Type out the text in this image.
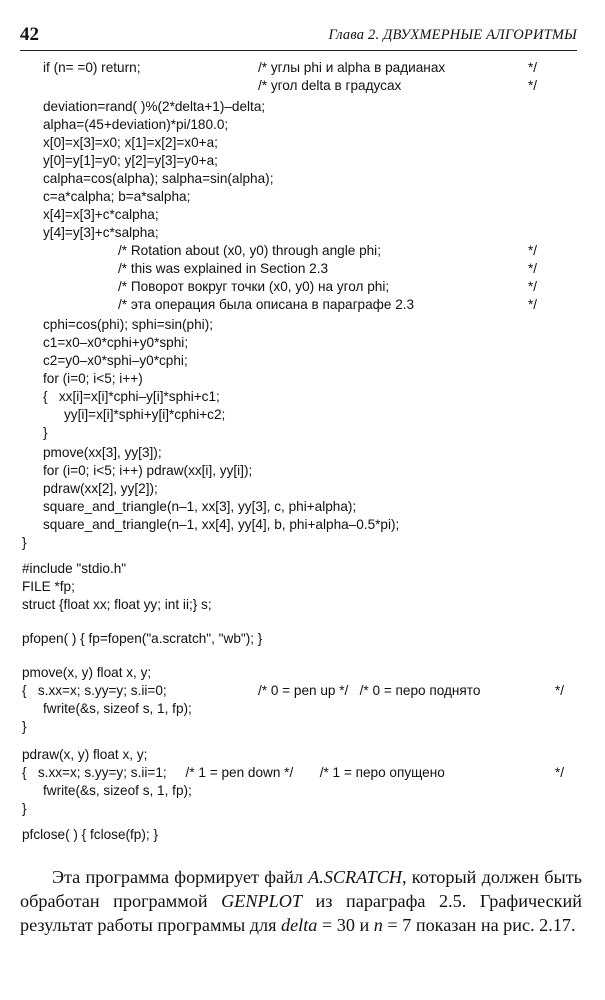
42	Глава 2. ДВУХМЕРНЫЕ АЛГОРИТМЫ
if (n= =0) return;	/* углы phi и alpha в радианах	*/
/* угол delta в градусах	*/
deviation=rand( )%(2*delta+1)–delta;
alpha=(45+deviation)*pi/180.0;
x[0]=x[3]=x0; x[1]=x[2]=x0+a;
y[0]=y[1]=y0; y[2]=y[3]=y0+a;
calpha=cos(alpha); salpha=sin(alpha);
c=a*calpha; b=a*salpha;
x[4]=x[3]+c*calpha;
y[4]=y[3]+c*salpha;
/* Rotation about (x0, y0) through angle phi;	*/
/* this was explained in Section 2.3	*/
/* Поворот вокруг точки (x0, y0) на угол phi;	*/
/* эта операция была описана в параграфе 2.3	*/
cphi=cos(phi); sphi=sin(phi);
c1=x0–x0*cphi+y0*sphi;
c2=y0–x0*sphi–y0*cphi;
for (i=0; i<5; i++)
{   xx[i]=x[i]*cphi–y[i]*sphi+c1;
yy[i]=x[i]*sphi+y[i]*cphi+c2;
}
pmove(xx[3], yy[3]);
for (i=0; i<5; i++) pdraw(xx[i], yy[i]);
pdraw(xx[2], yy[2]);
square_and_triangle(n–1, xx[3], yy[3], c, phi+alpha);
square_and_triangle(n–1, xx[4], yy[4], b, phi+alpha–0.5*pi);
}
#include "stdio.h"
FILE *fp;
struct {float xx; float yy; int ii;} s;
pfopen( ) { fp=fopen("a.scratch", "wb"); }
pmove(x, y) float x, y;
{   s.xx=x; s.yy=y; s.ii=0;	/* 0 = pen up */   /* 0 = перо поднято	*/
fwrite(&s, sizeof s, 1, fp);
}
pdraw(x, y) float x, y;
{   s.xx=x; s.yy=y; s.ii=1;     /* 1 = pen down */       /* 1 = перо опущено	*/
fwrite(&s, sizeof s, 1, fp);
}
pfclose( ) { fclose(fp); }

Эта программа формирует файл A.SCRATCH, который должен быть обработан программой GENPLOT из параграфа 2.5. Графический результат работы программы для delta = 30 и n = 7 показан на рис. 2.17.
